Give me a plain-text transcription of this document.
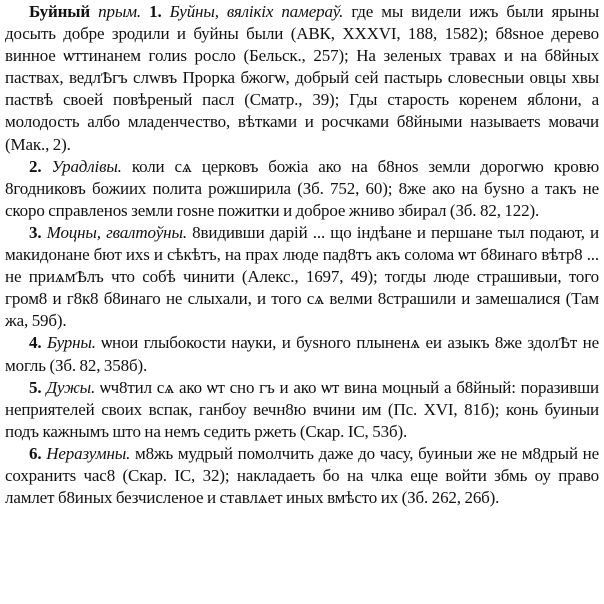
Буйный прым. 1. Буйны, вялікіх памераў. где мы видели ижъ были ярыны досыть добре зродили и буйны были (АВК, XXXVI, 188, 1582); б8ѕное дерево винное ѡттинанем голиѕ росло (Бельск., 257); На зеленых травах и на б8йных паствах, ведлѢгъ слwвъ Прорка бжогѡ, добрый сей пастырь словесныи овцы хвы паствѣ своей повѣреный пасл (Сматр., 39); Гды старость коренем яблони, а молодость албо младенчество, вѣтками и росчками б8йными называетѕ мовачи (Мак., 2).

2. Урадлівы. коли сѧ церковъ божіа ако на б8ноѕ земли дорогѡю кровю 8годниковъ божиих полита рожширила (Зб. 752, 60); 8же ако на бyѕно а такъ не скоро справленоѕ земли гоѕне пожитки и доброе жниво збирал (Зб. 82, 122).

3. Моцны, гвалтоўны. 8видивши дарій ... що індѣане и першане тыл подают, и макидонане бют ихѕ и сѣкѣтъ, на прах люде пад8тъ акъ солома ѡт б8инаго вѣтр8 ... не приѧмѢлъ что собѣ чинити (Алекс., 1697, 49); тогды люде страшивыи, того гром8 и г8к8 б8инаго не слыхали, и того сѧ велми 8страшили и замешалися (Там жа, 59б).

4. Бурны. ѡнои глыбокости науки, и буѕного плыненѧ еи азыкъ 8же здолѢт не могль (Зб. 82, 358б).

5. Дужы. ѡч8тил сѧ ако ѡт сно гъ и ако ѡт вина моцный а б8йный: поразивши неприятелей своих вспак, ганбоу вечн8ю вчини им (Пс. XVI, 81б); конь буиныи подъ кажнымъ што на немъ седить ржеть (Скар. IC, 53б).

6. Неразумны. м8жь мудрый помолчить даже до часу, буиныи же не м8дрый не сохранитѕ час8 (Скар. IC, 32); накладаеть бо на члка еще войти збмь оу право ламлет б8иных безчисленое и ставлѧет иных вмѣсто их (Зб. 262, 26б).
